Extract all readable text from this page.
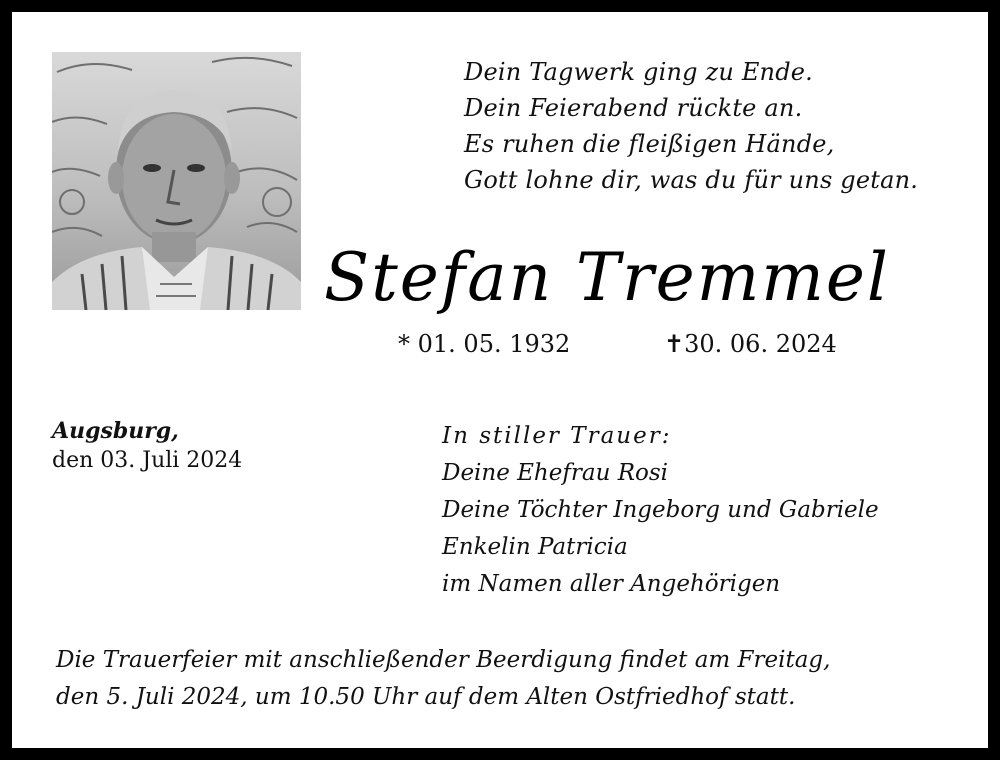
Dein Tagwerk ging zu Ende.
Dein Feierabend rückte an.
Es ruhen die fleißigen Hände,
Gott lohne dir, was du für uns getan.
Stefan Tremmel
* 01. 05. 1932	✝30. 06. 2024
Augsburg,
den 03. Juli 2024
In stiller Trauer:
Deine Ehefrau Rosi
Deine Töchter Ingeborg und Gabriele
Enkelin Patricia
im Namen aller Angehörigen
Die Trauerfeier mit anschließender Beerdigung findet am Freitag,
den 5. Juli 2024, um 10.50 Uhr auf dem Alten Ostfriedhof statt.
